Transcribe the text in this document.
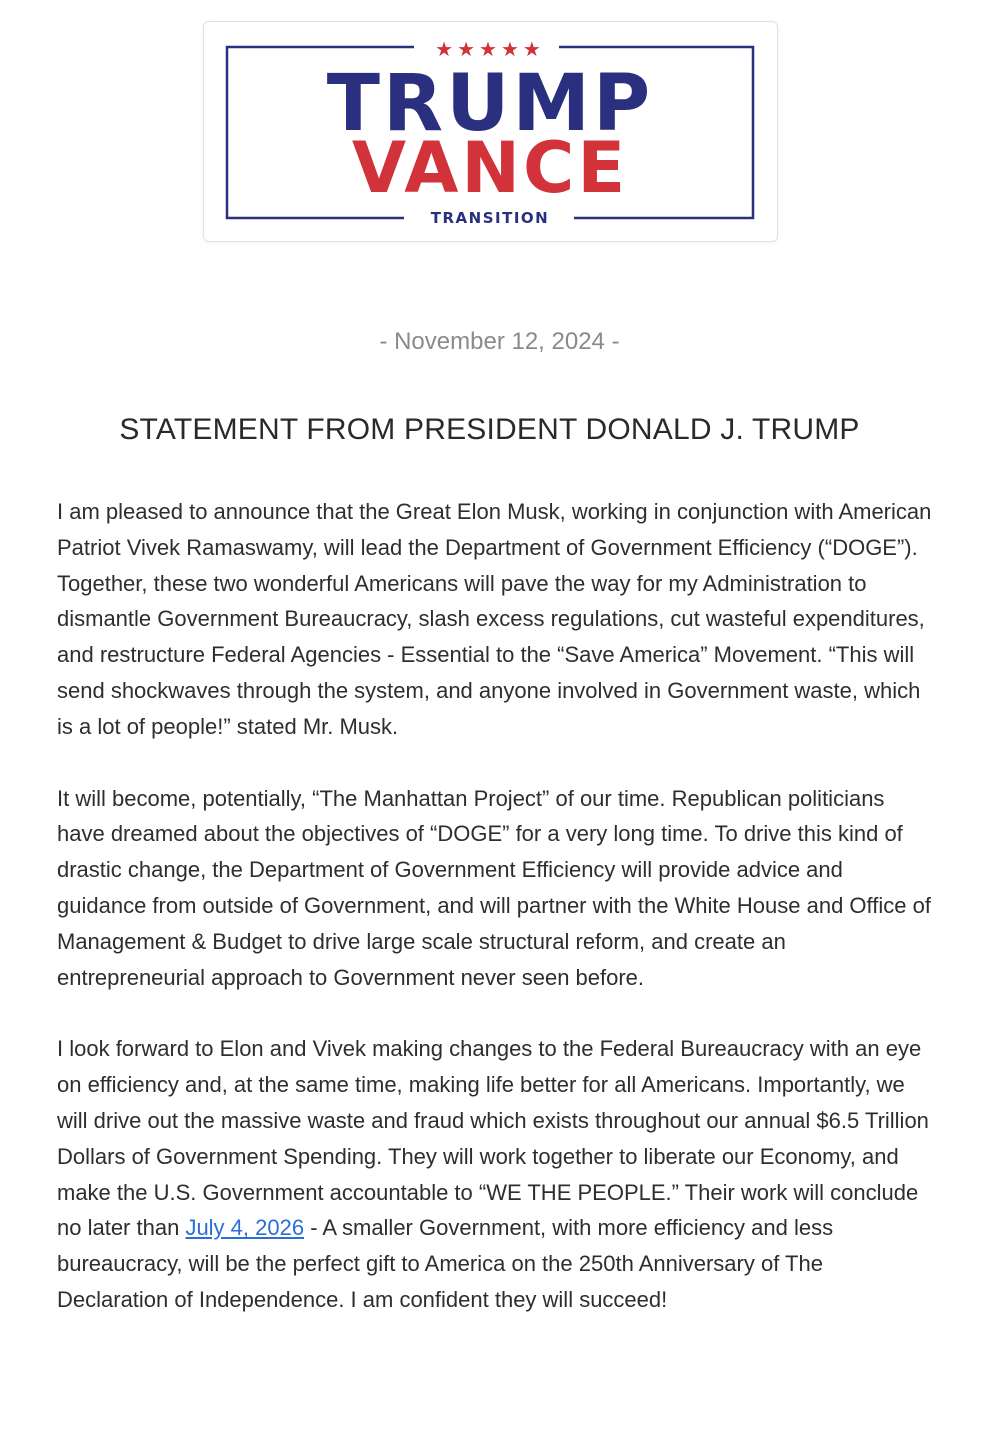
★★★★★
TRUMP
VANCE
TRANSITION
- November 12, 2024 -
STATEMENT FROM PRESIDENT DONALD J. TRUMP

I am pleased to announce that the Great Elon Musk, working in conjunction with American Patriot Vivek Ramaswamy, will lead the Department of Government Efficiency (“DOGE”). Together, these two wonderful Americans will pave the way for my Administration to dismantle Government Bureaucracy, slash excess regulations, cut wasteful expenditures, and restructure Federal Agencies - Essential to the “Save America” Movement. “This will send shockwaves through the system, and anyone involved in Government waste, which is a lot of people!” stated Mr. Musk.

It will become, potentially, “The Manhattan Project” of our time. Republican politicians have dreamed about the objectives of “DOGE” for a very long time. To drive this kind of drastic change, the Department of Government Efficiency will provide advice and guidance from outside of Government, and will partner with the White House and Office of Management & Budget to drive large scale structural reform, and create an entrepreneurial approach to Government never seen before.

I look forward to Elon and Vivek making changes to the Federal Bureaucracy with an eye on efficiency and, at the same time, making life better for all Americans. Importantly, we will drive out the massive waste and fraud which exists throughout our annual $6.5 Trillion Dollars of Government Spending. They will work together to liberate our Economy, and make the U.S. Government accountable to “WE THE PEOPLE.” Their work will conclude no later than July 4, 2026 - A smaller Government, with more efficiency and less bureaucracy, will be the perfect gift to America on the 250th Anniversary of The Declaration of Independence. I am confident they will succeed!
